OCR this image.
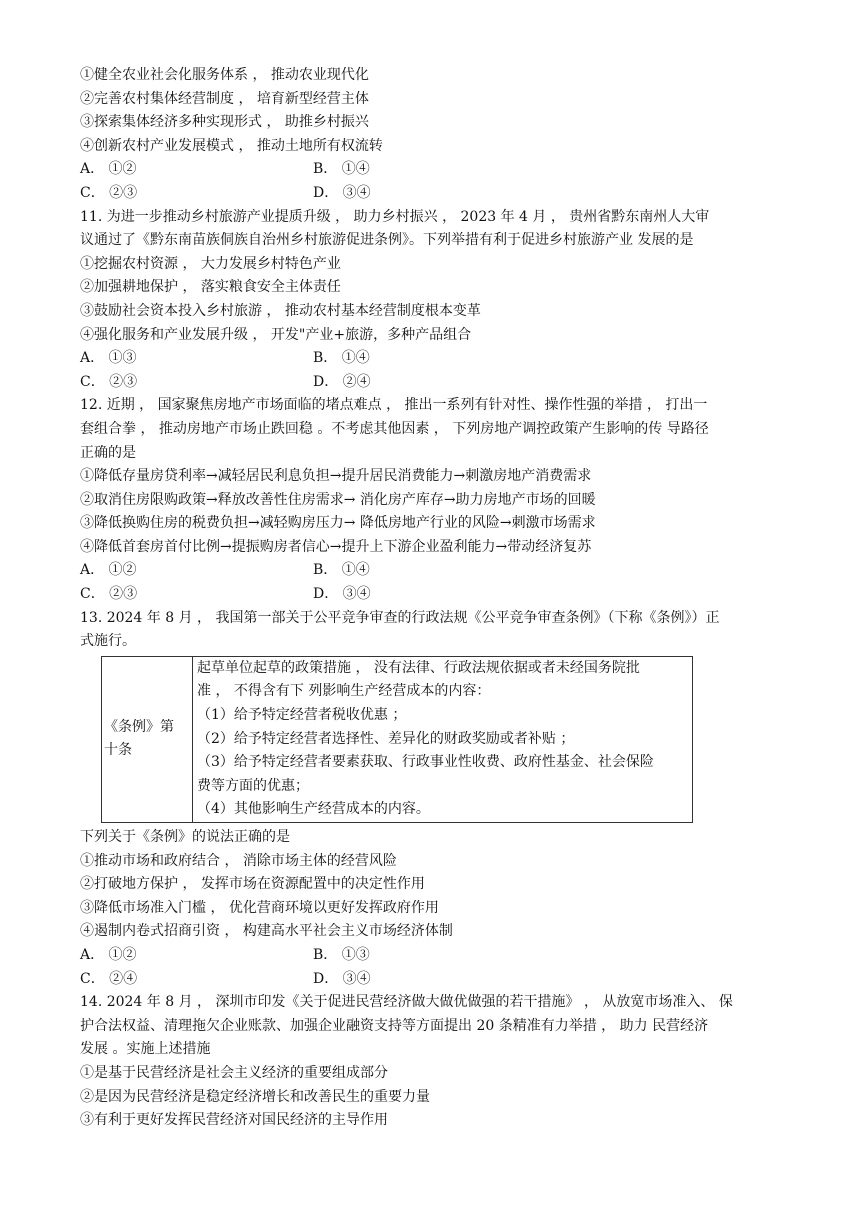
①健全农业社会化服务体系 ， 推动农业现代化
②完善农村集体经营制度 ， 培育新型经营主体
③探索集体经济多种实现形式 ， 助推乡村振兴
④创新农村产业发展模式 ， 推动土地所有权流转
A． ①②	B． ①④
C． ②③	D． ③④
11. 为进一步推动乡村旅游产业提质升级 ， 助力乡村振兴 ， 2023 年 4 月 ， 贵州省黔东南州人大审
议通过了《黔东南苗族侗族自治州乡村旅游促进条例》。下列举措有利于促进乡村旅游产业 发展的是
①挖掘农村资源 ， 大力发展乡村特色产业
②加强耕地保护 ， 落实粮食安全主体责任
③鼓励社会资本投入乡村旅游 ， 推动农村基本经营制度根本变革
④强化服务和产业发展升级 ， 开发"产业+旅游，多种产品组合
A． ①③	B． ①④
C． ②③	D． ②④
12. 近期 ， 国家聚焦房地产市场面临的堵点难点 ， 推出一系列有针对性、操作性强的举措 ， 打出一
套组合拳 ， 推动房地产市场止跌回稳 。不考虑其他因素 ， 下列房地产调控政策产生影响的传 导路径
正确的是
①降低存量房贷利率→减轻居民利息负担→提升居民消费能力→刺激房地产消费需求
②取消住房限购政策→释放改善性住房需求→ 消化房产库存→助力房地产市场的回暖
③降低换购住房的税费负担→减轻购房压力→ 降低房地产行业的风险→刺激市场需求
④降低首套房首付比例→提振购房者信心→提升上下游企业盈利能力→带动经济复苏
A． ①②	B． ①④
C． ②③	D． ③④
13. 2024 年 8 月 ， 我国第一部关于公平竞争审查的行政法规《公平竞争审查条例》（下称《条例》）正
式施行。
《条例》第
十条

起草单位起草的政策措施 ， 没有法律、行政法规依据或者未经国务院批
准 ， 不得含有下 列影响生产经营成本的内容：
（1）给予特定经营者税收优惠 ；
（2）给予特定经营者选择性、差异化的财政奖励或者补贴 ；
（3）给予特定经营者要素获取、行政事业性收费、政府性基金、社会保险
费等方面的优惠；
（4）其他影响生产经营成本的内容。
下列关于《条例》的说法正确的是
①推动市场和政府结合 ， 消除市场主体的经营风险
②打破地方保护 ， 发挥市场在资源配置中的决定性作用
③降低市场准入门槛 ， 优化营商环境以更好发挥政府作用
④遏制内卷式招商引资 ， 构建高水平社会主义市场经济体制
A． ①②	B． ①③
C． ②④	D． ③④
14. 2024 年 8 月 ， 深圳市印发《关于促进民营经济做大做优做强的若干措施》 ， 从放宽市场准入、 保
护合法权益、清理拖欠企业账款、加强企业融资支持等方面提出 20 条精准有力举措 ， 助力 民营经济
发展 。实施上述措施
①是基于民营经济是社会主义经济的重要组成部分
②是因为民营经济是稳定经济增长和改善民生的重要力量
③有利于更好发挥民营经济对国民经济的主导作用
